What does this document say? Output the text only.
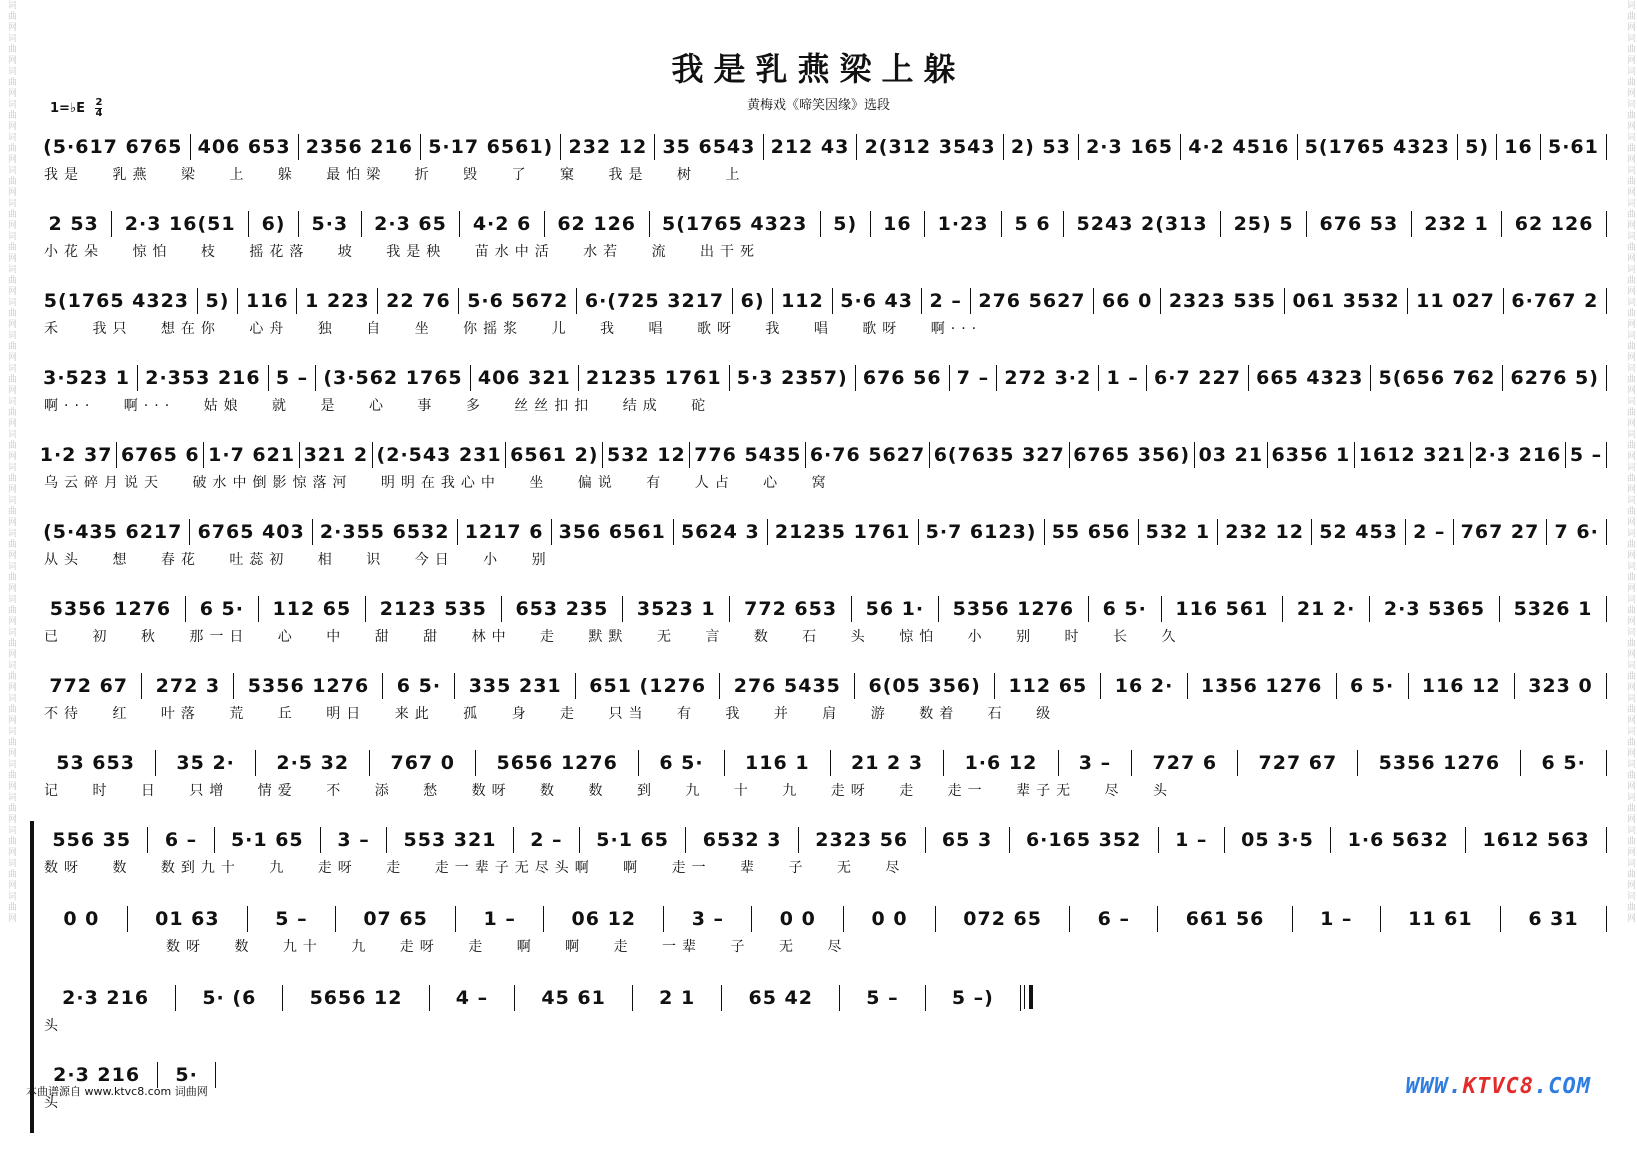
词曲网词曲网词曲网词曲网词曲网词曲网词曲网词曲网词曲网词曲网词曲网词曲网词曲网词曲网词曲网词曲网词曲网词曲网词曲网词曲网词曲网词曲网词曲网词曲网词曲网词曲网词曲网词曲网	词曲网词曲网词曲网词曲网词曲网词曲网词曲网词曲网词曲网词曲网词曲网词曲网词曲网词曲网词曲网词曲网词曲网词曲网词曲网词曲网词曲网词曲网词曲网词曲网词曲网词曲网词曲网词曲网
我是乳燕梁上躲
黄梅戏《啼笑因缘》选段
1=♭E $\frac{2}{4}$
(5·617 6765 406 653 2356 216 5·17 6561) 232 12 35 6543 212 43 2(312 3543 2) 53 2·3 165 4·2 4516 5(1765 4323 5) 16 5·61
我是 乳燕 梁 上 躲 最怕梁 折 毁 了 窠 我是 树 上
2 53	2·3 16(51	6)	5·3	2·3 65	4·2 6	62 126	5(1765 4323	5)	16	1·23	5 6	5243 2(313	25) 5	676 53	232 1	62 126
小花朵 惊怕 枝 摇花落 坡 我是秧 苗水中活 水若 流 出干死
5(1765 4323 5) 116 1 223 22 76 5·6 5672 6·(725 3217 6) 112 5·6 43 2 – 276 5627 66 0 2323 535 061 3532 11 027 6·767 2
禾 我只 想在你 心舟 独 自 坐 你摇浆 儿 我 唱 歌呀 我 唱 歌呀 啊···
3·523 1 2·353 216 5 – (3·562 1765 406 321 21235 1761 5·3 2357) 676 56 7 – 272 3·2 1 – 6·7 227 665 4323 5(656 762 6276 5)
啊··· 啊··· 姑娘 就 是 心 事 多 丝丝扣扣 结成 砣
1·2 37 6765 6 1·7 621 321 2 (2·543 231 6561 2) 532 12 776 5435 6·76 5627 6(7635 327 6765 356) 03 21 6356 1 1612 321 2·3 216 5 –
乌云碎月说天 破水中倒影惊落河 明明在我心中 坐 偏说 有 人占 心 窝
(5·435 6217 6765 403 2·355 6532 1217 6 356 6561 5624 3 21235 1761 5·7 6123) 55 656 532 1 232 12 52 453 2 – 767 27 7 6·
从头 想 春花 吐蕊初 相 识 今日 小 别
5356 1276	6 5·	112 65	2123 535	653 235	3523 1	772 653	56 1·	5356 1276	6 5·	116 561	21 2·	2·3 5365	5326 1
已 初 秋 那一日 心 中 甜 甜 林中 走 默默 无 言 数 石 头 惊怕 小 别 时 长 久
772 67	272 3	5356 1276	6 5·	335 231	651 (1276	276 5435	6(05 356)	112 65	16 2·	1356 1276	6 5·	116 12	323 0
不待 红 叶落 荒 丘 明日 来此 孤 身 走 只当 有 我 并 肩 游 数着 石 级
53 653	35 2·	2·5 32	767 0	5656 1276	6 5·	116 1	21 2 3	1·6 12	3 –	727 6	727 67	5356 1276	6 5·
记 时 日 只增 情爱 不 添 愁 数呀 数 数 到 九 十 九 走呀 走 走一 辈子无 尽 头
556 35	6 –	5·1 65	3 –	553 321	2 –	5·1 65	6532 3	2323 56	65 3	6·165 352	1 –	05 3·5	1·6 5632	1612 563
数呀 数 数到九十 九 走呀 走 走一辈子无尽头啊 啊 走一 辈 子 无 尽
0 0	01 63	5 –	07 65	1 –	06 12	3 –	0 0	0 0	072 65	6 –	661 56	1 –	11 61	6 31
数呀 数 九十 九 走呀 走 啊 啊 走 一辈 子 无 尽
2·3 216	5· (6	5656 12	4 –	45 61	2 1	65 42	5 –	5 –)
头
2·3 216	5·
头
本曲谱源自 www.ktvc8.com 词曲网	WWW.KTVC8.COM
